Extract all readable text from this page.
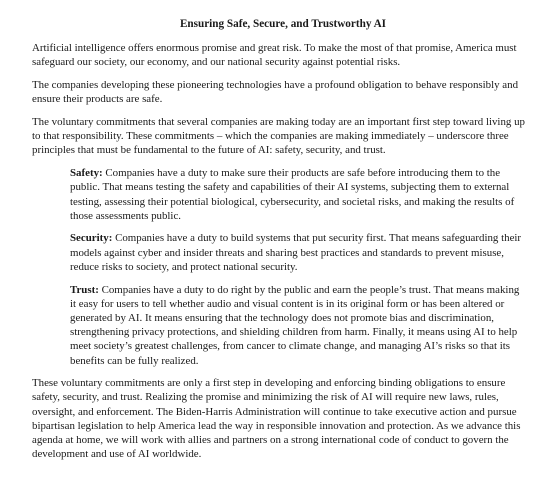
Ensuring Safe, Secure, and Trustworthy AI

Artificial intelligence offers enormous promise and great risk. To make the most of that promise, America must safeguard our society, our economy, and our national security against potential risks.

The companies developing these pioneering technologies have a profound obligation to behave responsibly and ensure their products are safe.

The voluntary commitments that several companies are making today are an important first step toward living up to that responsibility. These commitments – which the companies are making immediately – underscore three principles that must be fundamental to the future of AI: safety, security, and trust.

Safety: Companies have a duty to make sure their products are safe before introducing them to the public. That means testing the safety and capabilities of their AI systems, subjecting them to external testing, assessing their potential biological, cybersecurity, and societal risks, and making the results of those assessments public.

Security: Companies have a duty to build systems that put security first. That means safeguarding their models against cyber and insider threats and sharing best practices and standards to prevent misuse, reduce risks to society, and protect national security.

Trust: Companies have a duty to do right by the public and earn the people’s trust. That means making it easy for users to tell whether audio and visual content is in its original form or has been altered or generated by AI. It means ensuring that the technology does not promote bias and discrimination, strengthening privacy protections, and shielding children from harm. Finally, it means using AI to help meet society’s greatest challenges, from cancer to climate change, and managing AI’s risks so that its benefits can be fully realized.

These voluntary commitments are only a first step in developing and enforcing binding obligations to ensure safety, security, and trust. Realizing the promise and minimizing the risk of AI will require new laws, rules, oversight, and enforcement. The Biden-Harris Administration will continue to take executive action and pursue bipartisan legislation to help America lead the way in responsible innovation and protection. As we advance this agenda at home, we will work with allies and partners on a strong international code of conduct to govern the development and use of AI worldwide.
